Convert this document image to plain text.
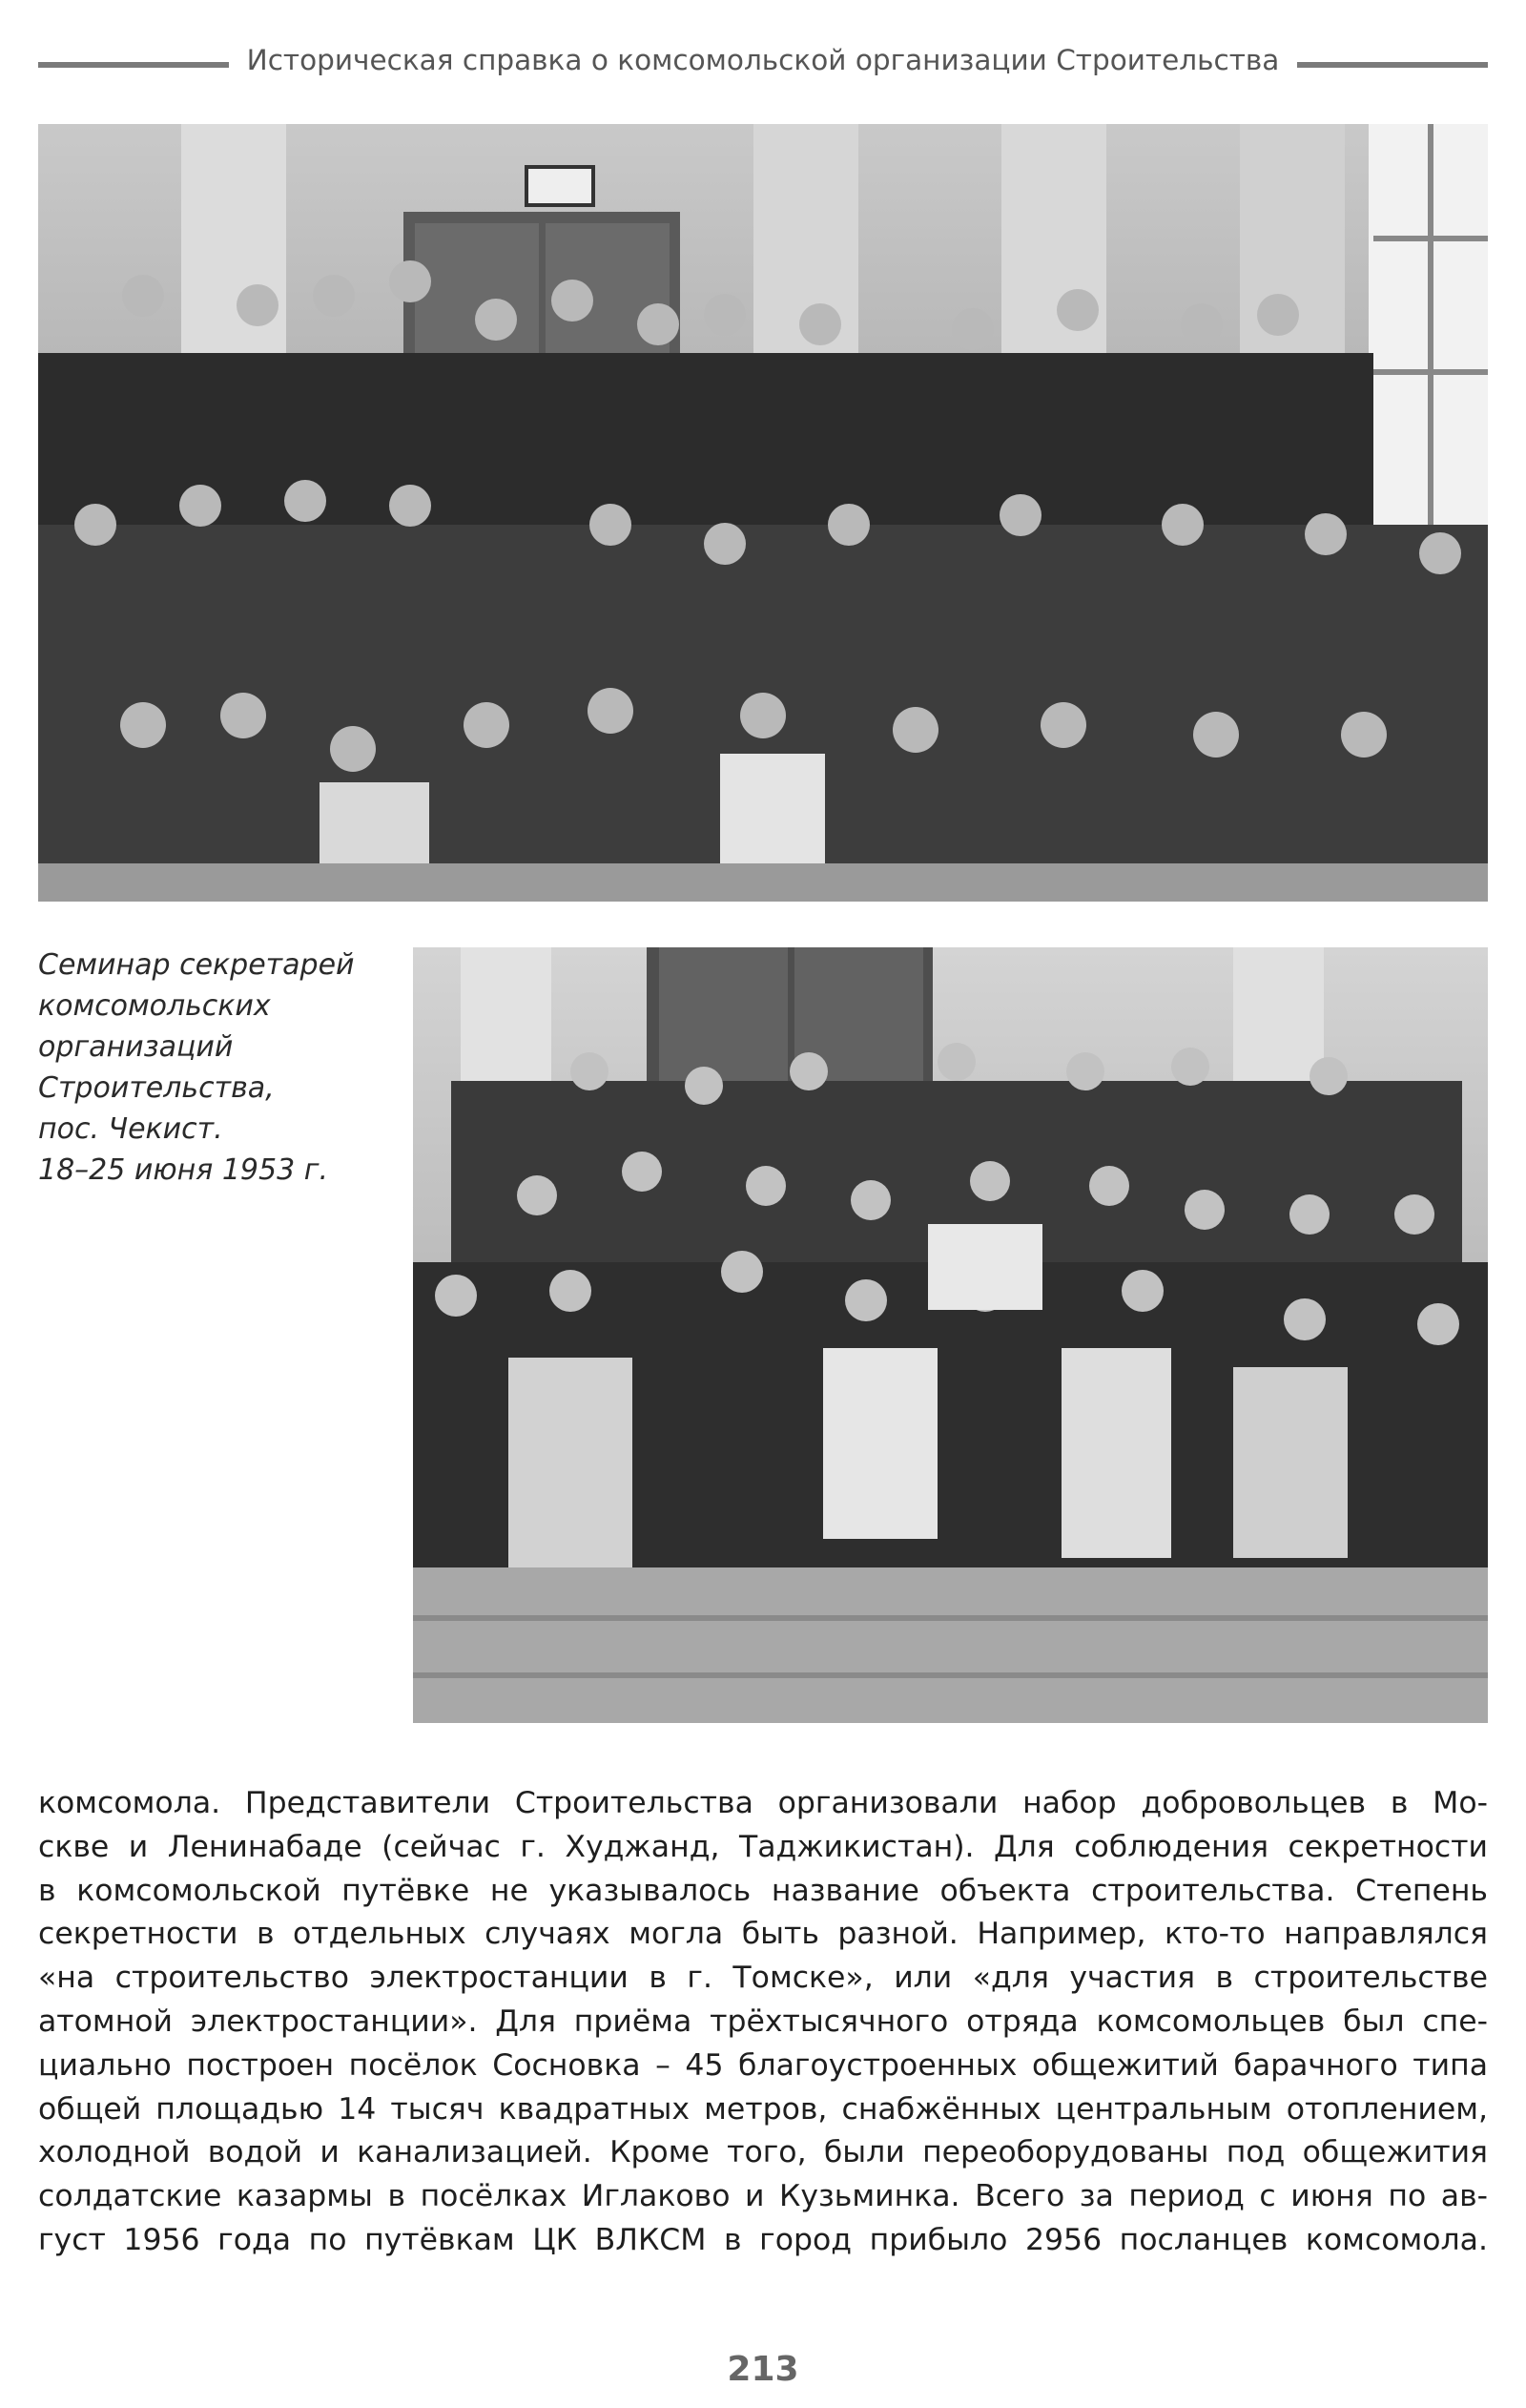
Историческая справка о комсомольской организации Строительства
Семинар секретарей
комсомольских
организаций
Строительства,
пос. Чекист.
18–25 июня 1953 г.
комсомола. Представители Строительства организовали набор добровольцев в Мо-
скве и Ленинабаде (сейчас г. Худжанд, Таджикистан). Для соблюдения секретности
в комсомольской путёвке не указывалось название объекта строительства. Степень
секретности в отдельных случаях могла быть разной. Например, кто-то направлялся
«на строительство электростанции в г. Томске», или «для участия в строительстве
атомной электростанции». Для приёма трёхтысячного отряда комсомольцев был спе-
циально построен посёлок Сосновка – 45 благоустроенных общежитий барачного типа
общей площадью 14 тысяч квадратных метров, снабжённых центральным отоплением,
холодной водой и канализацией. Кроме того, были переоборудованы под общежития
солдатские казармы в посёлках Иглаково и Кузьминка. Всего за период с июня по ав-
густ 1956 года по путёвкам ЦК ВЛКСМ в город прибыло 2956 посланцев комсомола.
213
